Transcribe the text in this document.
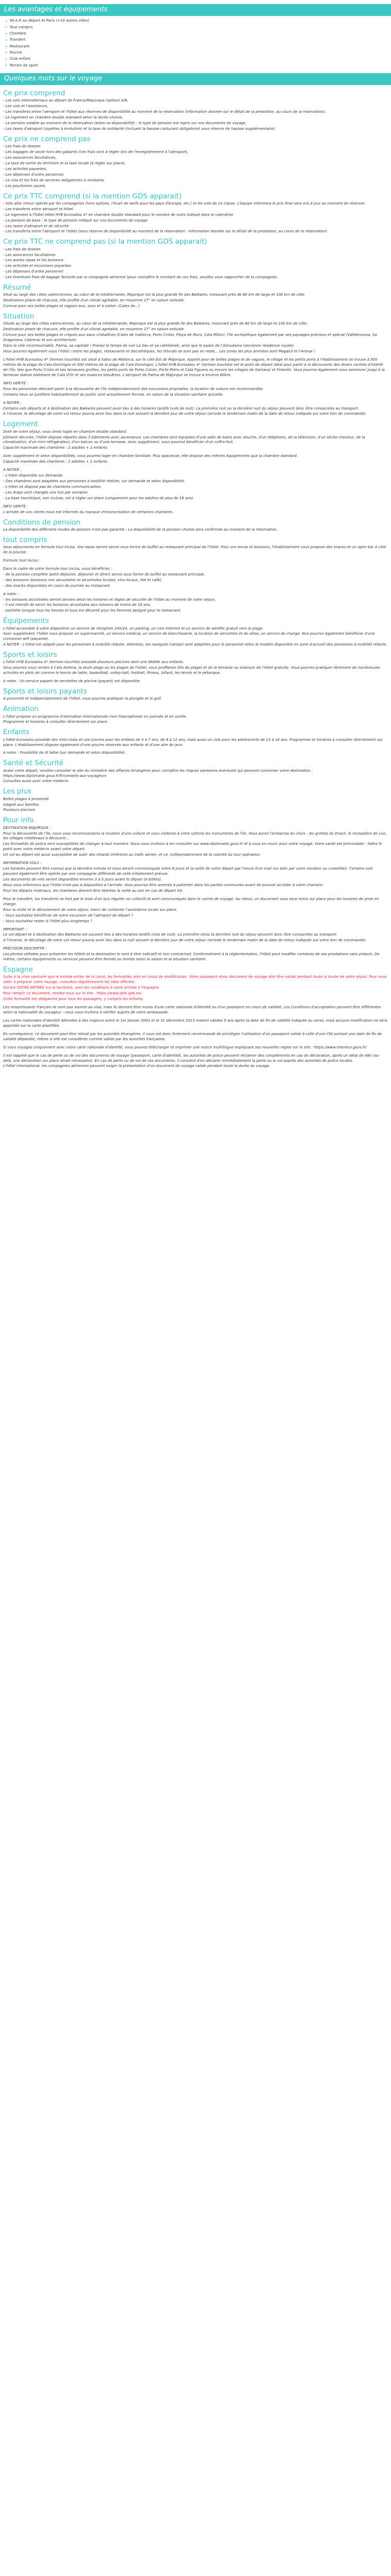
Les avantages et équipements
• Wi-A.R au départ et Paris (+10 autres villes)
• Tout compris
• Chambre
• Transfert
• Restaurant
• Piscine
• Club enfant
• Terrain de sport
Quelques mots sur le voyage
Ce prix comprend
- Les vols internationaux au départ de France/Mayorque (option) A/R,
- Les vols et l'assistance,
- Les transferts entre l'aéroport et l'hôtel aux réserves de disponibilité au moment de la réservation (information donnée sur le détail de la prestation, au cours de la réservation),
- Le logement en chambre double standard selon la durée choisie,
- La pension valable au moment de la réservation (selon sa disponibilité) : le type de pension est repris sur vos documents de voyage,
- Les taxes d'aéroport (sujettes à évolution) et la taxe de solidarité (incluant la hausse carburant obligatoire) sous réserve de hausse supplémentaire).
Ce prix ne comprend pas
- Les frais de dossier.
- Les bagages de soute hors des gabarits (ces frais sont à régler lors de l'enregistrement à l'aéroport),
- Les assurances facultatives,
- La taxe de sortie du territoire et la taxe locale (à régler sur place),
- Les activités payantes,
- Les dépenses d'ordre personnel,
- Le visa et les frais de services obligatoires si existants,
- Les pourboires usuels.
Ce prix TTC comprend (si la mention GDS apparait)
- Vols aller retour opérés par les compagnies (hors options, l'écart de tarifs pour les pays d'Europe, etc.) et les vols de 1e classe. L'équipe informera le prix final sera mis à jour au moment de réserver.
- Les transferts entre aéroport et hôtel.
- Le logement à l'hôtel Hôtel HYB Eurosalou 4* en chambre double standard pour le nombre de nuits indiqué dans le calendrier
- La pension de base : le type de pension indiqué sur vos documents de voyage
- Les taxes d'aéroport et de sécurité
- Les transferts entre l'aéroport et l'hôtel (sous réserve de disponibilité au moment de la réservation - information donnée sur le détail de la prestation, au cours de la réservation)
Ce prix TTC ne comprend pas (si la mention GDS apparait)
- Les frais de dossier.
- Les assurances facultatives
- Les autres repas et les boissons
- Les activités et excursions payantes
- Les dépenses d'ordre personnel
- Les éventuels frais de bagage facturés par la compagnie aérienne (pour connaître le montant de ces frais, veuillez vous rapprocher de la compagnie).
Résumé
Situé au large des côtes valenciennes, au cœur de la méditerranée, Majorque est la plus grande île des Baléares, mesurant près de 80 km de large et 100 km de côte.
Destination phare de chacune, elle profite d'un climat agréable, en moyenne 27° en saison estivale.
Connue pour ses belles plages et vagues eux, sous et à visiter. (Cales de...)
Situation
Située au large des côtes valenciennes, au cœur de la méditerranée, Majorque est la plus grande île des Baléares, mesurant près de 80 km de large et 100 km de côte.
Destination phare de chacune, elle profite d'un climat agréable, en moyenne 27° en saison estivale.
Connue pour ses belles plages et criques aux eaux cristallines (Cales de mallorca, Porto Cristo, Playa de Muro, Cala Millor), l'île archipélique également par ses paysages précieux et spécial (Valldemossa, Sa Dragonera, Cabrera) et son architecture.
Dans la ville incontournable, Palma, sa capitale ! Prenez le temps de voir La Seu et sa cathédrale, ainsi que le palais de l'Almudaina (ancienne résidence royale).
Vous pourrez également vous l'hôtel / entre les plages, restaurants et discothèques, les littorals se sont pas en reste... Les zones les plus animées sont Magaluf et l'Arenal !
L'hôtel HYB Eurosalou 4* (termes touchés) est situé à Salou de Mallorca, sur le côté Est de Majorque. Appelé pour de belles plages et de vagues, le village et les petits ports à l'établissement se trouve à 500 mètres de la plage de Cala Domingos et 500 mètres de la plage de Cala Domingos. L'hôtel HYB Eurosalou 4* (termes touchés) est le point de départ idéal pour partir à la découverte des divers centres d'intérêt de l'île, tels que Porto Cristo et ses fameuses grottes, les petits ports de Porto Colom, Porto Petro et Cala Figuera ou encore les villages de Santanyí et Felanitx. Vous pourrez également vous aventurer jusqu'à la fameuse station balnéaire de Cala d'Or et ses nuances bleuâtres. L'aéroport de Palma de Majorque se trouve à environ 60km.
INFO VERITÉ :
Pour les personnes désirant partir à la découverte de l'île indépendamment des excursions proposées, la location de voiture est recommandée.
Certains lieux se justifient habituellement du public sont actuellement fermés, en raison de la situation sanitaire actuelle.
A NOTER :
Certains vols départs et à destination des Baléares peuvent avoir lieu à des horaires tardifs (vols de nuit). La première nuit ou la dernière nuit du séjour peuvent donc être consacrées au transport.
A l'inverse, le décollage de votre vol retour pourra avoir lieu dans la nuit suivant la dernière jour de votre séjour (arrivée le lendemain matin de la date de retour indiquée sur votre bon de commande).
Logement
Doté de votre séjour, vous serez logés en chambre double standard.
Joliment décorée, l'hôtel dispose répartis dans 3 bâtiments avec ascenseurs. Les chambres sont équipées d'une salle de bains avec douche, d'un téléphone, de la télévision, d'un sèche-cheveux, de la climatisation, d'un mini-réfrigérateur, d'un balcon ou d'une terrasse. Avec supplément, vous pourrez bénéficier d'un coffre-fort.
Capacité maximale des chambres : 2 adultes + 2 enfants.
Avec supplément et selon disponibilités, vous pourrez loger en chambre familiale. Plus spacieuse, elle dispose des mêmes équipements que la chambre standard.
Capacité maximale des chambres : 2 adultes + 2 enfants.
A NOTER :
- L'hôtel disponible sur demande.
- Des chambres sont adaptées aux personnes à mobilité réduite, sur demande et selon disponibilité.
- L'hôtel ne dispose pas de chambres communicantes.
- Les draps sont changés une fois par semaine.
- La base touristique, non incluse, est à régler sur place (uniquement pour les adultes de plus de 16 ans).
INFO VERITÉ :
L'arrivée de vos clients nous est informés du manque d'insonorisation de certaines chambres.
Conditions de pension
La disponibilité des différents modes de pension n'est pas garantie : La disponibilité de la pension choisie sera confirmée au moment de la réservation.
tout compris
Vous séjournerez en formule tout inclus. Vos repas seront servis sous forme de buffet au restaurant principal de l'hôtel. Pour vos encas et boissons, l'établissement vous propose des snacks et un open bar à côté de la piscine.
Formule tout inclus :
Dans le cadre de votre formule tout inclus, vous bénéficiez :
- de la pension complète (petit déjeuner, déjeuner et dîner) servis sous forme de buffet au restaurant principal,
- des boissons (boissons non alcoolisées et alcoolisées locales, vins locaux, thé et café),
- des snacks disponibles en cours de journée au restaurant.
A noter :
- les boissons alcoolisées seront servies selon les horaires et règles de sécurité de l'hôtel au moment de votre séjour,
- il est interdit de servir les boissons alcoolisées aux mineurs de moins de 18 ans,
- partielle lorsque tous les heures et tous est décanté pour les femmes assigné pour le restaurant.
Équipements
L'hôtel accessible à votre disposition un service de réception 24h/24, un parking, un coin Internet et un service de wentfix gratuit vers la plage.
Avec supplément, l'hôtel vous propose un supermarché, un service médical, un service de blanchisserie, la location de serviettes et de vélos, un service de change. Nos pourrez également bénéficier d'une connexion wifi (payante).
A NOTER : L'hôtel est adapté pour les personnes à mobilité réduite. Attention, les navigués (rampe) sont adaptées pour le personnel selon le modèle disponible en zone d'accueil des personnes à mobilité réduite.
Sports et loisirs
L'hôtel HYB Eurosalou 4* (termes touchés) possède plusieurs piscines dont une dédiée aux enfants.
Vous pourrez vous rendre à Cala Antena, la seule plage ou les plages de l'hôtel, vous profiterez (lits de plage) et de la terrasse ou solarium de l'hôtel gratuite. Vous pourrez pratiquer librement de nombreuses activités en plein air comme le tennis de table, basketball, volley-ball, football, fitness, billard, les tennis et le pétanque.
A noter : Un service payant de serviettes de piscine (payant) est disponible.
Sports et loisirs payants
A proximité et indépendamment de l'hôtel, vous pourrez pratiquer la plongée et le golf.
Animation
L'hôtel propose un programme d'animation internationale (non francophone) en journée et en soirée.
Programme et horaires à consulter directement sur place.
Enfants
L'hôtel Eurosalou possède des mini-clubs et une piscine pour les enfants de 4 à 7 ans, de 8 à 12 ans, mais aussi un club pour les adolescents de 13 à 16 ans. Programme et horaires à consulter directement sur place. L'établissement dispose également d'une piscine réservée aux enfants et d'une aire de jeux.
A noter : Possibilité de lit bébé (sur demande et selon disponibilité).
Santé et Sécurité
Avant votre départ, veuillez consulter le site du ministère des Affaires étrangères pour connaître les risques sanitaires éventuels qui peuvent concerner votre destination : https://www.diplomatie.gouv.fr/fr/conseils-aux-voyageurs
Consultez aussi avec votre médecin.
Les plus
Belles plages à proximité
Adapté aux familles
Plusieurs piscines
Pour info
DESTINATION MAJORQUE :
Pour la découverte de l'île, nous vous recommandons la location d'une voiture et vous visiterez à votre rythme les monuments de l'île. Vous aurez l'embarras du choix : les grottes du Drach, le monastère de Lluc, les villages médiévaux à découvrir...
Les formalités de police sont susceptibles de changer à tout moment. Nous vous invitons à les consulter sur www.diplomatie.gouv.fr et à vous en munir pour votre voyage. Votre santé est primordiale : faites le point avec votre médecin avant votre départ.
Un vol au départ est aussi susceptible de subir des retards inhérents au trafic aérien, et ce, indépendamment de la volonté du tour opérateur.
INFORMATION VOLS :
Les horaires peuvent être connus que la dernière minute et nous seront communiqués entre 8 jours et la veille de votre départ par l'envoi d'un mail (ou bien par votre vendeur ou conseiller). Certains vols peuvent également être opérés par une compagnie différente de celle initialement prévue.
Les documents de vols seront disponibles environ 3 à 5 jours avant le départ (e-billets).
Nous vous informons que l'hôtel n'est pas à disposition à l'arrivée. Vous pourrez être amenés à patienter dans les parties communes avant de pouvoir accéder à votre chambre.
Pour les départs matinaux, les chambres doivent être libérées la veille au soir en cas de départ tôt.
Pour le transfert, les transferts se font par le biais d'un bus régulier ou collectif et sont communiqués dans le carnet de voyage. Au retour, un document vous sera remis sur place pour les horaires de prise en charge.
Pour la visite et le déroulement de votre séjour, merci de contacter l'assistance locale sur place.
- Vous souhaitez bénéficier de votre excursion de l'aéroport de départ ?
- Vous souhaitez rester à l'hôtel plus longtemps ?
IMPORTANT :
Le vol départ et à destination des Baléares est souvent lieu à des horaires tardifs (vols de nuit). La première et/ou la dernière nuit du séjour peuvent donc être consacrées au transport.
A l'inverse, le décollage de votre vol retour pourra avoir lieu dans la nuit suivant la dernière jour de votre séjour (arrivée le lendemain matin de la date de retour indiquée sur votre bon de commande).
PRÉCISION DESCRIPTIF :
Les photos utilisées pour présenter les hôtels et la destination le sont à titre indicatif et non contractuel. Conformément à la réglementation, l'hôtel peut modifier certaines de ses prestations sans préavis. De même, certains équipements ou services peuvent être fermés ou limités selon la saison et la situation sanitaire.
Espagne
Suite à la crise sanitaire que le monde entier de la covid, les formalités sont en cours de modification. Votre passeport et/ou document de voyage doit être valide pendant toute la durée de votre séjour. Pour vous aider à préparer votre voyage, consultez régulièrement les sites officiels.
Durant VOTRE ENTRÉE sur le territoire, voici les conditions à votre arrivée à l'Espagne.
Pour remplir ce document, rendez-vous sur le site : https://www.spth.gob.es/
Cette formalité est obligatoire pour tous les passagers, y compris les enfants.
Les ressortissants français ne sont pas soumis au visa, mais ils devront être munis d'une carte nationale d'identité ou d'un passeport en cours de validité. Les Conditions d'acceptation peuvent être différentes selon la nationalité du voyageur : nous vous invitons à vérifier auprès de votre ambassade.
Les cartes nationales d'identité délivrées à des majeurs entre le 1er janvier 2004 et le 31 décembre 2013 restent valides 5 ans après la date de fin de validité indiquée au verso, mais aucune modification ne sera apportée sur la carte plastifiée.
En conséquence, ce document peut être refusé par les autorités étrangères. Il vous est donc fortement recommandé de privilégier l'utilisation d'un passeport valide à celle d'une CNI portant une date de fin de validité dépassée, même si elle est considérée comme valide par les autorités françaises.
Si vous voyagez uniquement avec votre carte nationale d'identité, vous pouvez télécharger et imprimer une notice multilingue expliquant ses nouvelles règles sur le site : https://www.interieur.gouv.fr/
Il est rappelé que le cas de perte ou de vol des documents de voyage (passeport, carte d'identité), les autorités de police peuvent réclamer des compléments en cas de déclaration, après un délai de 48h (au-delà, une déclaration sur place serait nécessaire). En cas de perte ou de vol de ces documents, il convient d'en déclarer immédiatement la perte ou le vol auprès des autorités de police locales.
L'hôtel international, les compagnies aériennes peuvent exiger la présentation d'un document de voyage valide pendant toute la durée du voyage.
